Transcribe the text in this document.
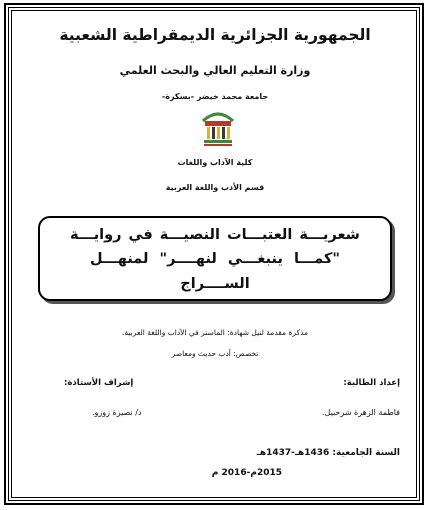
الجمهورية الجزائرية الديمقراطية الشعبية
وزارة التعليم العالي والبحث العلمي
جامعة محمد خيضر -بسكرة-
كلية الآداب واللغات
قسم الأدب واللغة العربية
شعريـــة العتبـــات النصيـــة في روايـــة
"كمـــا ينبغـــي لنهــــر" لمنهـــل
الســــراج
مذكرة مقدمة لنيل شهادة: الماستر في الآداب واللغة العربية.
تخصص: أدب حديث ومعاصر
إعداد الطالبة:
إشراف الأستاذة:
فاطمة الزهرة شرحبيل.
د/ نصيرة زوزو.
السنة الجامعية: 1436هـ-1437هـ
2015م-2016 م
